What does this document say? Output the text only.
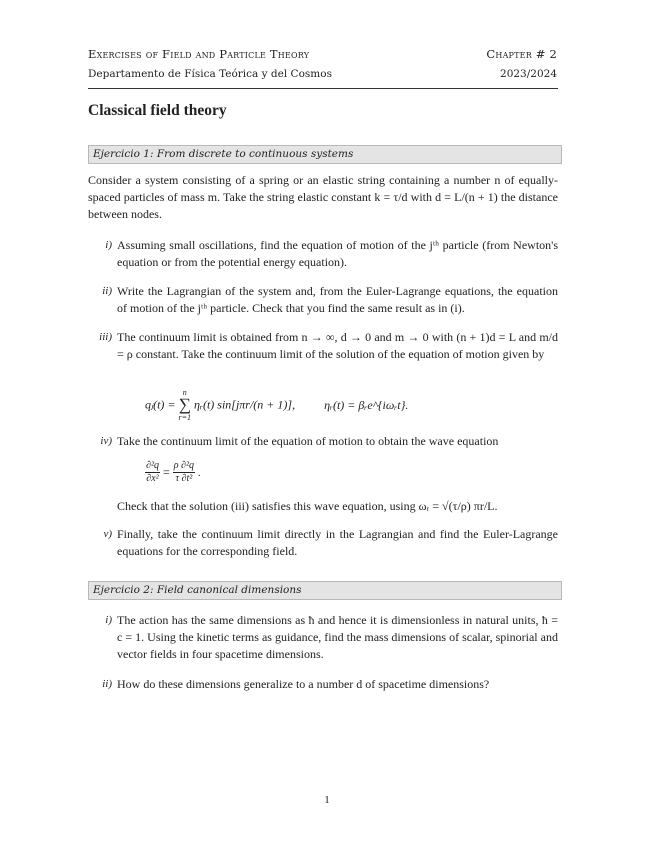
Exercises of Field and Particle Theory
Departamento de Física Teórica y del Cosmos
Chapter # 2
2023/2024
Classical field theory
Ejercicio 1: From discrete to continuous systems
Consider a system consisting of a spring or an elastic string containing a number n of equally-spaced particles of mass m. Take the string elastic constant k = τ/d with d = L/(n + 1) the distance between nodes.
i) Assuming small oscillations, find the equation of motion of the jᵗʰ particle (from Newton's equation or from the potential energy equation).
ii) Write the Lagrangian of the system and, from the Euler-Lagrange equations, the equation of motion of the jᵗʰ particle. Check that you find the same result as in (i).
iii) The continuum limit is obtained from n → ∞, d → 0 and m → 0 with (n + 1)d = L and m/d = ρ constant. Take the continuum limit of the solution of the equation of motion given by
qⱼ(t) =
n
∑
r=1
ηᵣ(t) sin[jπr/(n + 1)], ηᵣ(t) = βᵣe^{iωᵣt}.
iv) Take the continuum limit of the equation of motion to obtain the wave equation
$\frac{\text{∂²q}}{\text{∂x²}} = \frac{\text{ρ ∂²q}}{\text{τ ∂t²}}$ .
Check that the solution (iii) satisfies this wave equation, using ωᵣ = √(τ/ρ) πr/L.
v) Finally, take the continuum limit directly in the Lagrangian and find the Euler-Lagrange equations for the corresponding field.
Ejercicio 2: Field canonical dimensions
i) The action has the same dimensions as ħ and hence it is dimensionless in natural units, ħ = c = 1. Using the kinetic terms as guidance, find the mass dimensions of scalar, spinorial and vector fields in four spacetime dimensions.
ii) How do these dimensions generalize to a number d of spacetime dimensions?
1
